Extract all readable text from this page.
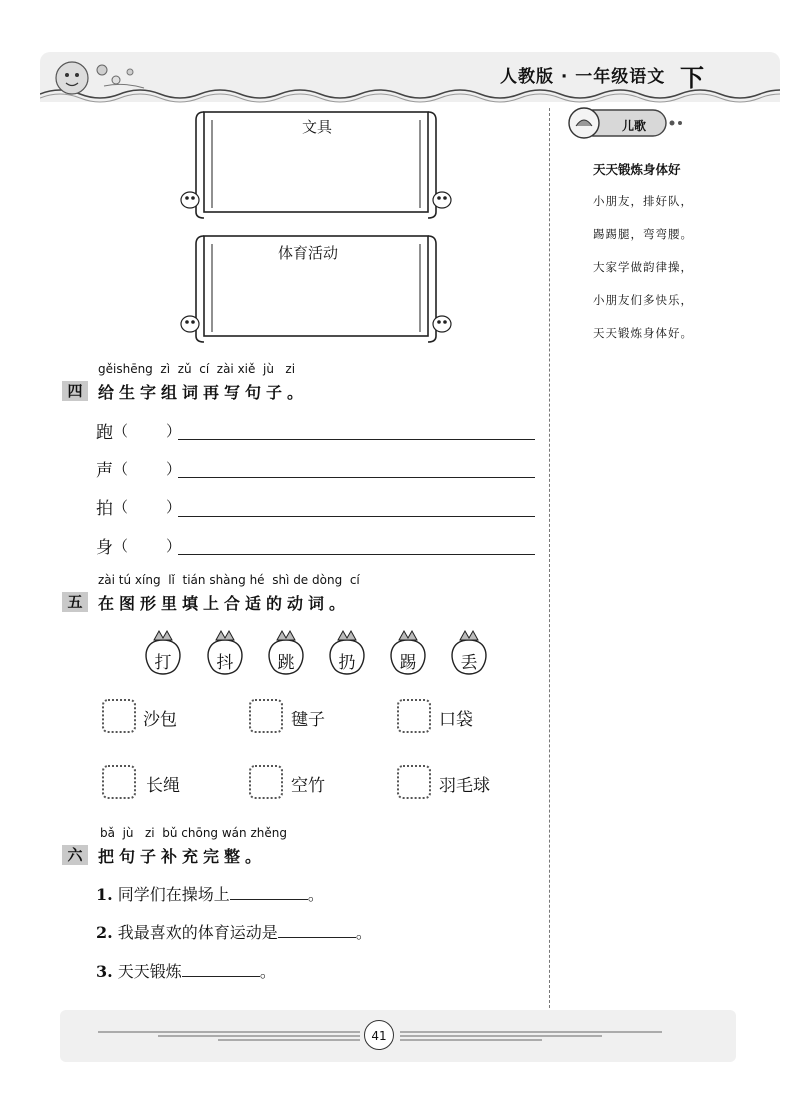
人教版 · 一年级语文 下
文具
体育活动
儿歌
天天锻炼身体好
小朋友，排好队，
踢踢腿，弯弯腰。
大家学做韵律操，
小朋友们多快乐，
天天锻炼身体好。
gěishēng  zì  zǔ  cí  zài xiě  jù   zi
四 给生字组词再写句子。
跑 （	）
声 （	）
拍 （	）
身 （	）
zài tú xíng  lǐ  tián shàng hé  shì de dòng  cí
五 在图形里填上合适的动词。
打	抖	跳	扔	踢	丢
沙包	毽子	口袋
长绳	空竹	羽毛球
bǎ  jù   zi  bǔ chōng wán zhěng
六 把句子补充完整。
1. 同学们在操场上	。
2. 我最喜欢的体育运动是	。
3. 天天锻炼	。
41
